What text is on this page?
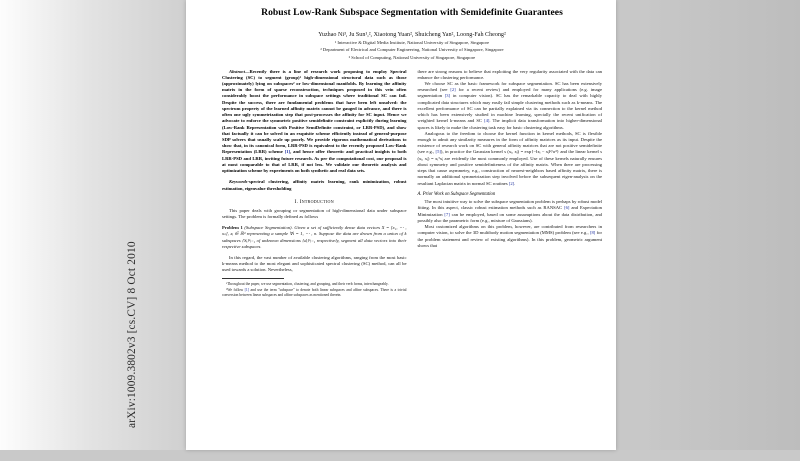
arXiv:1009.3802v3 [cs.CV] 8 Oct 2010
Robust Low-Rank Subspace Segmentation with Semidefinite Guarantees
Yuzhao Ni³, Ju Sun¹,², Xiaotong Yuan², Shuicheng Yan², Loong-Fah Cheong²
¹ Interactive & Digital Media Institute, National University of Singapore, Singapore
² Department of Electrical and Computer Engineering, National University of Singapore, Singapore
³ School of Computing, National University of Singapore, Singapore

Abstract—Recently there is a line of research work proposing to employ Spectral Clustering (SC) to segment (group)¹ high-dimensional structural data such as those (approximately) lying on subspaces² or low-dimensional manifolds. By learning the affinity matrix in the form of sparse reconstruction, techniques proposed in this vein often considerably boost the performance in subspace settings where traditional SC can fail. Despite the success, there are fundamental problems that have been left unsolved: the spectrum property of the learned affinity matrix cannot be gauged in advance, and there is often one ugly symmetrization step that post-processes the affinity for SC input. Hence we advocate to enforce the symmetric positive semidefinite constraint explicitly during learning (Low-Rank Representation with Positive SemiDefinite constraint, or LRR-PSD), and show that factually it can be solved in an exquisite scheme efficiently instead of general-purpose SDP solvers that usually scale up poorly. We provide rigorous mathematical derivations to show that, in its canonical form, LRR-PSD is equivalent to the recently proposed Low-Rank Representation (LRR) scheme [1], and hence offer theoretic and practical insights to both LRR-PSD and LRR, inviting future research. As per the computational cost, our proposal is at most comparable to that of LRR, if not less. We validate our theoretic analysis and optimization scheme by experiments on both synthetic and real data sets.

Keywords-spectral clustering, affinity matrix learning, rank minimization, robust estimation, eigenvalue thresholding

I. Introduction

This paper deals with grouping or segmentation of high-dimensional data under subspace settings. The problem is formally defined as follows

Problem 1 (Subspace Segmentation). Given a set of sufficiently dense data vectors X = [x₁, ⋯ , xₙ], xᵢ ∈ ℝᵈ representing a sample ∀i = 1, ⋯ , n. Suppose the data are drawn from a union of k subspaces {Sᵢ}ᵏᵢ₌₁ of unknown dimensions {dᵢ}ᵏᵢ₌₁ respectively, segment all data vectors into their respective subspaces.

In this regard, the vast number of available clustering algorithms, ranging from the most basic k-means method to the most elegant and sophisticated spectral clustering (SC) method, can all be used towards a solution. Nevertheless,

¹Throughout the paper, we use segmentation, clustering, and grouping, and their verb forms, interchangeably.

²We follow [1] and use the term "subspace" to denote both linear subspaces and affine subspaces. There is a trivial conversion between linear subspaces and affine subspaces as mentioned therein.

there are strong reasons to believe that exploiting the very regularity associated with the data can enhance the clustering performance.

We choose SC as the basic framework for subspace segmentation. SC has been extensively researched (see [2] for a recent review) and employed for many applications (e.g. image segmentation [3] in computer vision). SC has the remarkable capacity to deal with highly complicated data structures which may easily fail simple clustering methods such as k-means. The excellent performance of SC can be partially explained via its connection to the kernel method which has been extensively studied in machine learning, specially the recent unification of weighted kernel k-means and SC [4]. The implicit data transformation into higher-dimensional spaces is likely to make the clustering task easy for basic clustering algorithms.

Analogous to the freedom to choose the kernel function in kernel methods, SC is flexible enough to admit any similarity measures in the form of affinity matrices as its input. Despite the existence of research work on SC with general affinity matrices that are not positive semidefinite (see e.g., [5]), in practice the Gaussian kernel s (xᵢ, xⱼ) = exp{−‖xᵢ − xⱼ‖²/σ²} and the linear kernel s (xᵢ, xⱼ) = xᵢᵀxⱼ are evidently the most commonly employed. Use of these kernels naturally ensures about symmetry and positive semidefiniteness of the affinity matrix. When there are processing steps that cause asymmetry, e.g., construction of nearest-neighbors based affinity matrix, there is normally an additional symmetrization step involved before the subsequent eigen-analysis on the resultant Laplacian matrix in normal SC routines [2].

A. Prior Work on Subspace Segmentation

The most intuitive way to solve the subspace segmentation problem is perhaps by robust model fitting. In this aspect, classic robust estimation methods such as RANSAC [6] and Expectation Minimization [7] can be employed, based on some assumptions about the data distribution, and possibly also the parametric form (e.g., mixture of Gaussians).

Most customized algorithms on this problem, however, are contributed from researchers in computer vision, to solve the 3D multibody motion segmentation (MMS) problem (see e.g., [8] for the problem statement and review of existing algorithms). In this problem, geometric argument shows that
